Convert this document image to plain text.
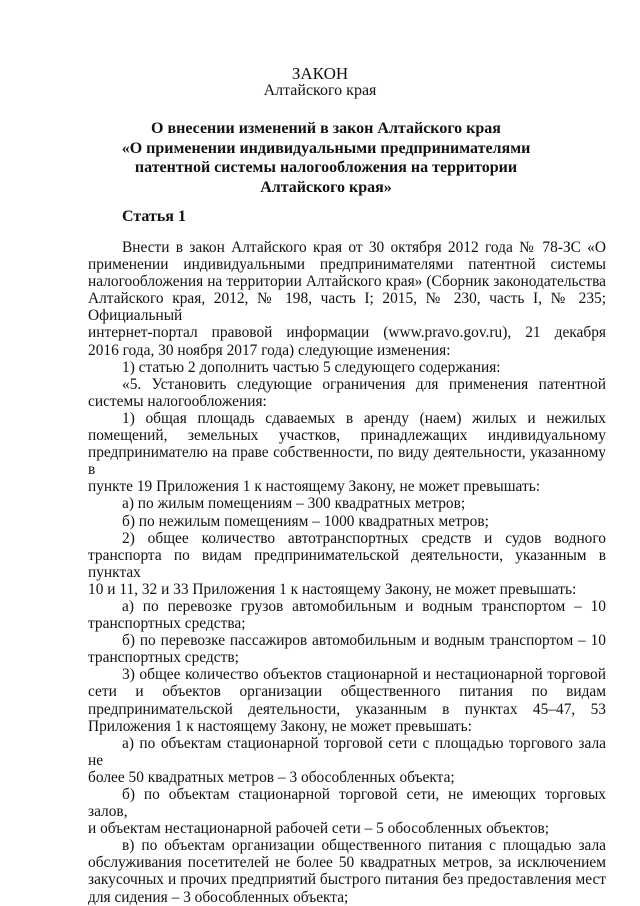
ЗАКОН
Алтайского края
О внесении изменений в закон Алтайского края
«О применении индивидуальными предпринимателями
патентной системы налогообложения на территории
Алтайского края»
Статья 1
Внести в закон Алтайского края от 30 октября 2012 года № 78-ЗС «О
применении индивидуальными предпринимателями патентной системы
налогообложения на территории Алтайского края» (Сборник законодательства
Алтайского края, 2012, № 198, часть I; 2015, № 230, часть I, № 235; Официальный
интернет-портал правовой информации (www.pravo.gov.ru), 21 декабря
2016 года, 30 ноября 2017 года) следующие изменения:
1) статью 2 дополнить частью 5 следующего содержания:
«5. Установить следующие ограничения для применения патентной
системы налогообложения:
1) общая площадь сдаваемых в аренду (наем) жилых и нежилых
помещений, земельных участков, принадлежащих индивидуальному
предпринимателю на праве собственности, по виду деятельности, указанному в
пункте 19 Приложения 1 к настоящему Закону, не может превышать:
а) по жилым помещениям – 300 квадратных метров;
б) по нежилым помещениям – 1000 квадратных метров;
2) общее количество автотранспортных средств и судов водного
транспорта по видам предпринимательской деятельности, указанным в пунктах
10 и 11, 32 и 33 Приложения 1 к настоящему Закону, не может превышать:
а) по перевозке грузов автомобильным и водным транспортом – 10
транспортных средства;
б) по перевозке пассажиров автомобильным и водным транспортом – 10
транспортных средств;
3) общее количество объектов стационарной и нестационарной торговой
сети и объектов организации общественного питания по видам
предпринимательской деятельности, указанным в пунктах 45–47, 53
Приложения 1 к настоящему Закону, не может превышать:
а) по объектам стационарной торговой сети с площадью торгового зала не
более 50 квадратных метров – 3 обособленных объекта;
б) по объектам стационарной торговой сети, не имеющих торговых залов,
и объектам нестационарной рабочей сети – 5 обособленных объектов;
в) по объектам организации общественного питания с площадью зала
обслуживания посетителей не более 50 квадратных метров, за исключением
закусочных и прочих предприятий быстрого питания без предоставления мест
для сидения – 3 обособленных объекта;
